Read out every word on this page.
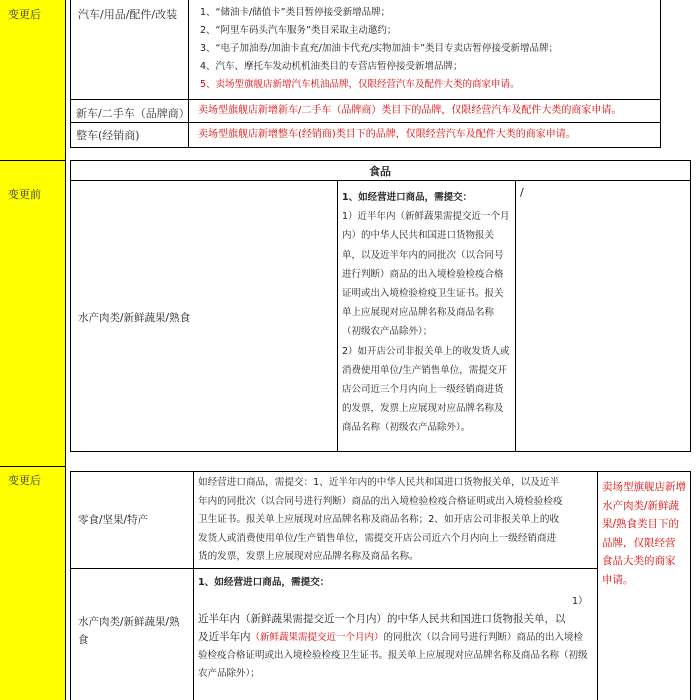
变更后
变更前
变更后
汽车/用品/配件/改装 1、“储油卡/储值卡”类目暂停接受新增品牌；

2、“阿里车码头汽车服务”类目采取主动邀约；

3、“电子加油券/加油卡直充/加油卡代充/实物加油卡”类目专卖店暂停接受新增品牌；

4、汽车、摩托车发动机机油类目的专营店暂停接受新增品牌；

5、卖场型旗舰店新增汽车机油品牌，仅限经营汽车及配件大类的商家申请。

新车/二手车（品牌商） 卖场型旗舰店新增新车/二手车（品牌商）类目下的品牌，仅限经营汽车及配件大类的商家申请。
整车(经销商)	卖场型旗舰店新增整车(经销商)类目下的品牌，仅限经营汽车及配件大类的商家申请。
食品
水产肉类/新鲜蔬果/熟食

1、如经营进口商品，需提交：

1）近半年内（新鲜蔬果需提交近一个月

内）的中华人民共和国进口货物报关

单，以及近半年内的同批次（以合同号

进行判断）商品的出入境检验检疫合格

证明或出入境检验检疫卫生证书。报关

单上应展现对应品牌名称及商品名称

（初级农产品除外）；

2）如开店公司非报关单上的收发货人或

消费使用单位/生产销售单位，需提交开

店公司近三个月内向上一级经销商进货

的发票，发票上应展现对应品牌名称及

商品名称（初级农产品除外）。

/
零食/坚果/特产

如经营进口商品，需提交：1、近半年内的中华人民共和国进口货物报关单，以及近半

年内的同批次（以合同号进行判断）商品的出入境检验检疫合格证明或出入境检验检疫

卫生证书。报关单上应展现对应品牌名称及商品名称；2、如开店公司非报关单上的收

发货人或消费使用单位/生产销售单位，需提交开店公司近六个月内向上一级经销商进

货的发票，发票上应展现对应品牌名称及商品名称。

水产肉类/新鲜蔬果/熟

食

1、如经营进口商品，需提交：
1）

近半年内（新鲜蔬果需提交近一个月内）的中华人民共和国进口货物报关单，以

及近半年内（新鲜蔬果需提交近一个月内）的同批次（以合同号进行判断）商品的出入境检

验检疫合格证明或出入境检验检疫卫生证书。报关单上应展现对应品牌名称及商品名称（初级

农产品除外）；

卖场型旗舰店新增

水产肉类/新鲜蔬

果/熟食类目下的

品牌，仅限经营

食品大类的商家

申请。
